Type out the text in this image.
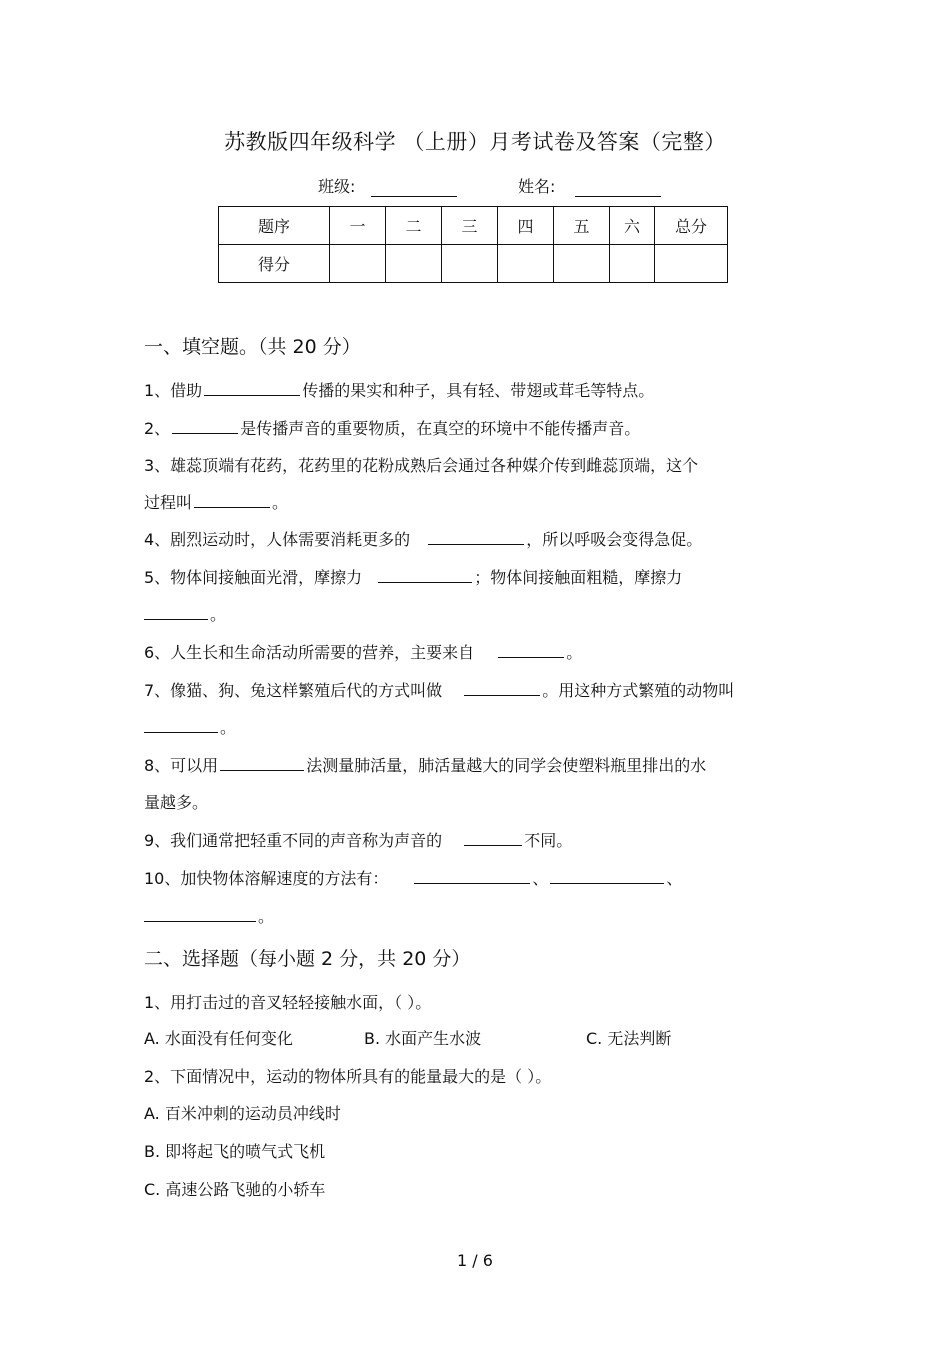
苏教版四年级科学 （上册）月考试卷及答案（完整）
班级:	姓名:
题序	一	二	三	四	五	六	总分
得分							
一、填空题。（共 20 分）
1、借助	传播的果实和种子，具有轻、带翅或茸毛等特点。
2、	是传播声音的重要物质，在真空的环境中不能传播声音。
3、雄蕊顶端有花药，花药里的花粉成熟后会通过各种媒介传到雌蕊顶端，这个
过程叫	。
4、剧烈运动时，人体需要消耗更多的	，所以呼吸会变得急促。
5、物体间接触面光滑，摩擦力	；物体间接触面粗糙，摩擦力
。
6、人生长和生命活动所需要的营养，主要来自	。
7、像猫、狗、兔这样繁殖后代的方式叫做	。用这种方式繁殖的动物叫
。
8、可以用	法测量肺活量，肺活量越大的同学会使塑料瓶里排出的水
量越多。
9、我们通常把轻重不同的声音称为声音的	不同。
10、加快物体溶解速度的方法有：	、	、
。
二、选择题（每小题 2 分，共 20 分）
1、用打击过的音叉轻轻接触水面，（ ）。
A. 水面没有任何变化	B. 水面产生水波	C. 无法判断
2、下面情况中，运动的物体所具有的能量最大的是（ ）。
A. 百米冲刺的运动员冲线时
B. 即将起飞的喷气式飞机
C. 高速公路飞驰的小轿车
1 / 6
